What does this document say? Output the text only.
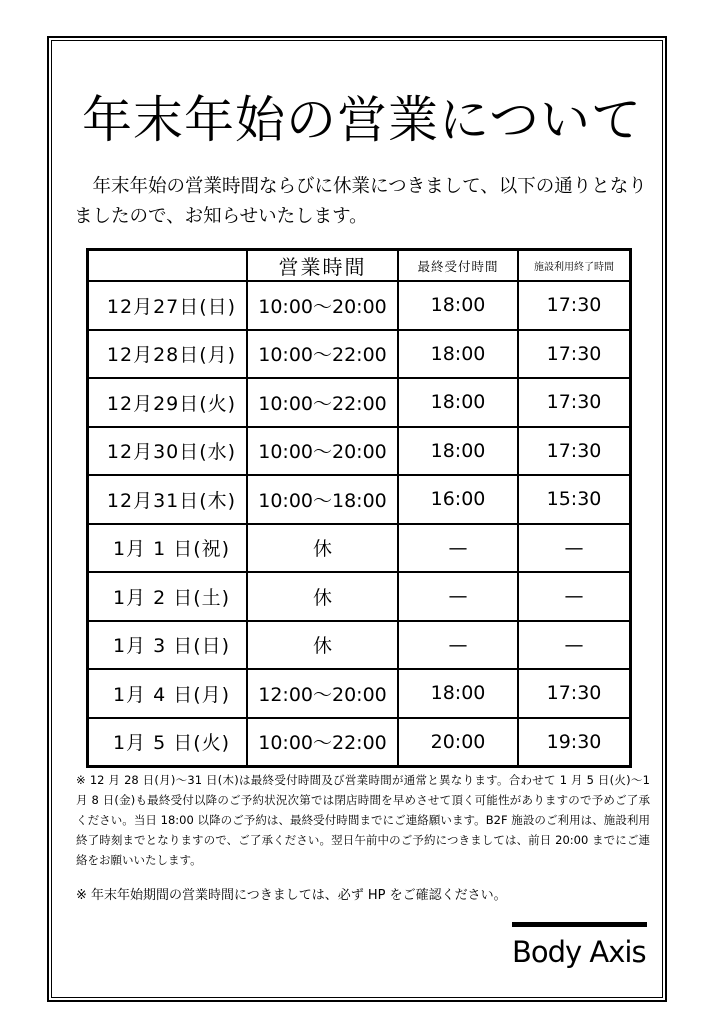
年末年始の営業について

年末年始の営業時間ならびに休業につきまして、以下の通りとなりましたので、お知らせいたします。

	営業時間	最終受付時間	施設利用終了時間
12月27日(日)	10:00～20:00	18:00	17:30
12月28日(月)	10:00～22:00	18:00	17:30
12月29日(火)	10:00～22:00	18:00	17:30
12月30日(水)	10:00～20:00	18:00	17:30
12月31日(木)	10:00～18:00	16:00	15:30
1月 1 日(祝)	休	—	—
1月 2 日(土)	休	—	—
1月 3 日(日)	休	—	—
1月 4 日(月)	12:00～20:00	18:00	17:30
1月 5 日(火)	10:00～22:00	20:00	19:30
※ 12 月 28 日(月)～31 日(木)は最終受付時間及び営業時間が通常と異なります。合わせて 1 月 5 日(火)～1 月 8 日(金)も最終受付以降のご予約状況次第では閉店時間を早めさせて頂く可能性がありますので予めご了承ください。当日 18:00 以降のご予約は、最終受付時間までにご連絡願います。B2F 施設のご利用は、施設利用終了時刻までとなりますので、ご了承ください。翌日午前中のご予約につきましては、前日 20:00 までにご連絡をお願いいたします。
※ 年末年始期間の営業時間につきましては、必ず HP をご確認ください。
Body Axis
